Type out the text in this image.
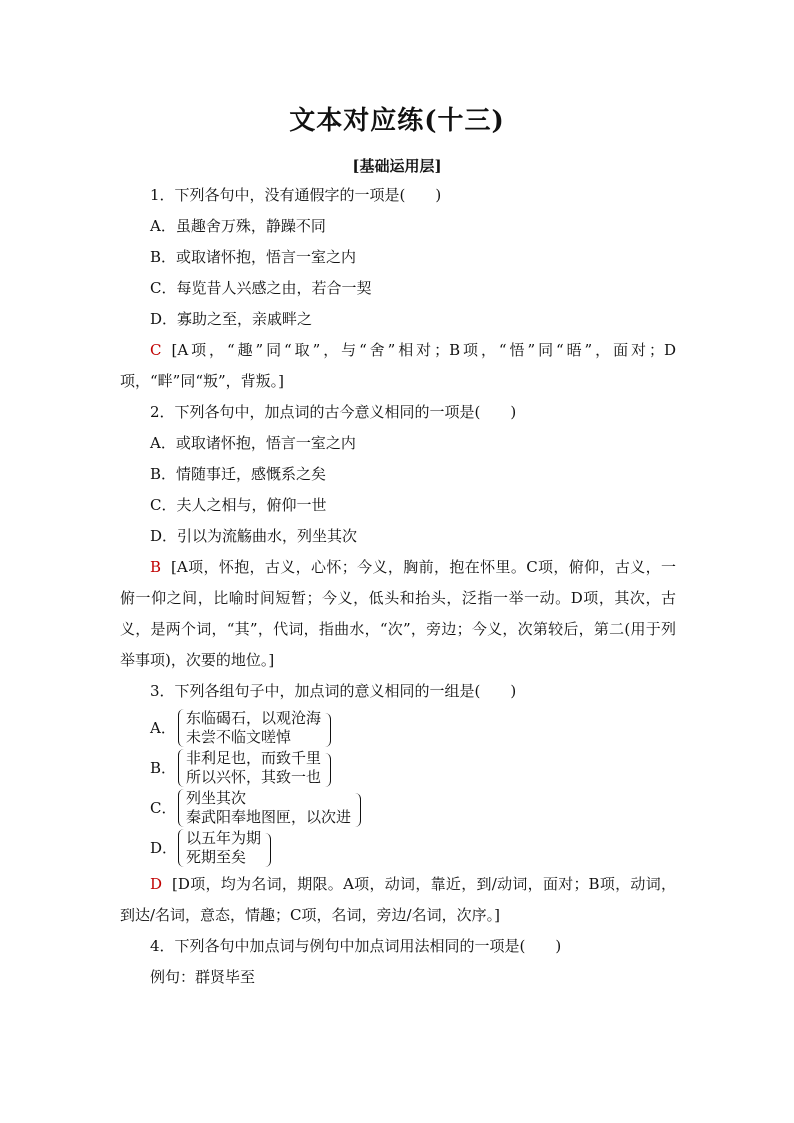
文本对应练(十三)
[基础运用层]

1．下列各句中，没有通假字的一项是(　　)

A．虽趣舍万殊，静躁不同

B．或取诸怀抱，悟言一室之内

C．每览昔人兴感之由，若合一契

D．寡助之至，亲戚畔之

C [A项，“趣”同“取”，与“舍”相对；B项，“悟”同“晤”，面对；D项，“畔”同“叛”，背叛。]

2．下列各句中，加点词的古今意义相同的一项是(　　)

A．或取诸怀抱，悟言一室之内

B．情随事迁，感慨系之矣

C．夫人之相与，俯仰一世

D．引以为流觞曲水，列坐其次

B [A项，怀抱，古义，心怀；今义，胸前，抱在怀里。C项，俯仰，古义，一俯一仰之间，比喻时间短暂；今义，低头和抬头，泛指一举一动。D项，其次，古义，是两个词，“其”，代词，指曲水，“次”，旁边；今义，次第较后，第二(用于列举事项)，次要的地位。]

3．下列各组句子中，加点词的意义相同的一组是(　　)

A．
东临碣石，以观沧海
未尝不临文嗟悼
B．
非利足也，而致千里
所以兴怀，其致一也
C．
列坐其次
秦武阳奉地图匣，以次进
D．
以五年为期
死期至矣

D [D项，均为名词，期限。A项，动词，靠近，到/动词，面对；B项，动词，到达/名词，意态，情趣；C项，名词，旁边/名词，次序。]

4．下列各句中加点词与例句中加点词用法相同的一项是(　　)

例句：群贤毕至
